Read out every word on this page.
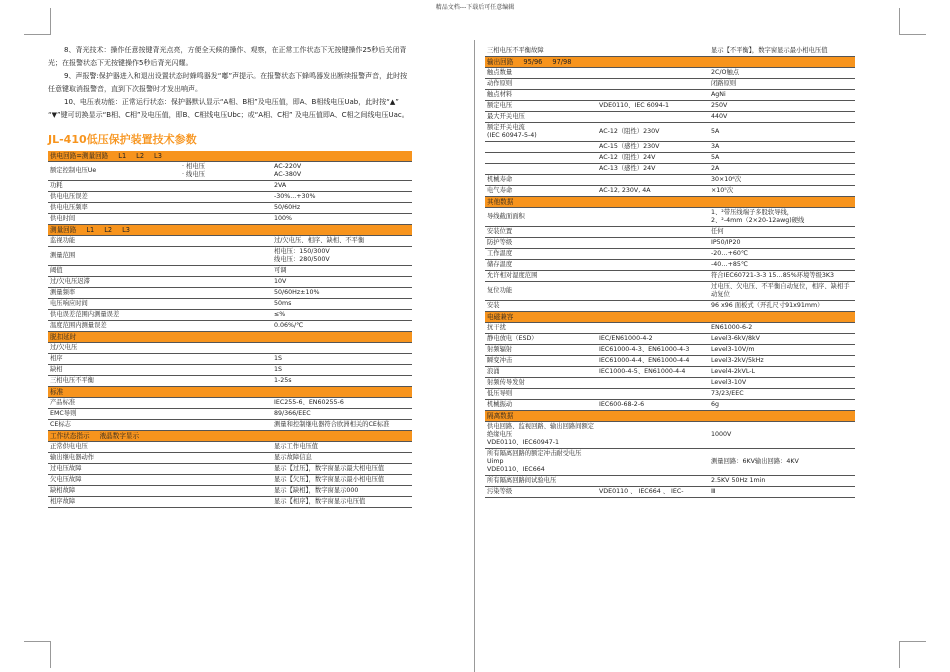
精品文档---下载后可任意编辑

8、背光技术：操作任意按键背光点亮，方便全天候的操作、观察，在正常工作状态下无按键操作25秒后关闭背光；在报警状态下无按键操作5秒后背光闪耀。

9、声报警:保护器进入和退出设置状态时蜂鸣器发“嘟”声提示。在报警状态下蜂鸣器发出断续报警声音，此时按任意键取消报警音，直到下次报警时才发出响声。

10、电压表功能：正常运行状态：保护器默认显示“A相、B相”及电压值，即A、B相线电压Uab，此时按“▲” “▼”键可切换显示“B相、C相”及电压值，即B、C相线电压Ubc；或“A相、C相” 及电压值即A、C相之间线电压Uac。

JL-410低压保护装置技术参数
供电回路=测量回路 L1 L2 L3		
额定控制电压Ue	· 相电压
· 线电压	AC-220V
AC-380V
功耗		2VA
供电电压误差		-30%...+30%
供电电压频率		50/60Hz
供电时间		100%
测量回路 L1 L2 L3		
监视功能		过/欠电压、相序、缺相、不平衡
测量范围		相电压：150/300V
线电压：280/500V
阈值		可调
过/欠电压迟滞		10V
测量频率		50/60Hz±10%
电压响应时间		50ms
供电误差范围内测量误差		≤%
温度范围内测量误差		0.06%/℃
脱扣延时		
过/欠电压		
相序		1S
缺相		1S
三相电压不平衡		1-25s
标准		
产品标准		IEC255-6、EN60255-6
EMC导则		89/366/EEC
CE标志		测量和控制继电器符合欧洲相关的CE标准
工作状态指示 液晶数字显示		
正常供电电压		显示工作电压值
输出继电器动作		显示故障信息
过电压故障		显示【过压】，数字窗显示最大相电压值
欠电压故障		显示【欠压】，数字窗显示最小相电压值
缺相故障		显示【缺相】，数字窗显示000
相序故障		显示【相序】，数字窗显示电压值
三相电压不平衡故障		显示【不平衡】，数字窗显示最小相电压值
输出回路 95/96 97/98		
触点数量		2C/O触点
动作原则		闭路原则
触点材料		AgNi
额定电压	VDE0110、IEC 6094-1	250V
最大开关电压		440V
额定开关电流
(IEC 60947-5-4)	AC-12（阻性）230V	5A
	AC-15（感性）230V	3A
	AC-12（阻性）24V	5A
	AC-13（感性）24V	2A
机械寿命		30×10⁶次
电气寿命	AC-12, 230V, 4A	×10⁵次
其他数据		
导线截面面积		1、²带压线端子多股软导线，
2、²-4mm（2×20-12awg)硬线
安装位置		任何
防护等级		IP50/IP20
工作温度		-20…+60℃
储存温度		-40…+85℃
允许相对湿度范围		符合IEC60721-3-3 15…85%环境等级3K3
复位功能		过电压、欠电压、不平衡自动复位，相序、缺相手动复位
安装		96 x96 面板式（开孔尺寸91x91mm）
电磁兼容		
抗干扰		EN61000-6-2
静电放电（ESD）	IEC/EN61000-4-2	Level3-6kV/8kV
射频辐射	IEC61000-4-3、EN61000-4-3	Level3-10V/m
瞬变冲击	IEC61000-4-4、EN61000-4-4	Level3-2kV/5kHz
浪涌	IEC1000-4-5、EN61000-4-4	Level4-2kVL-L
射频传导发射		Level3-10V
低压导则		73/23/EEC
机械振动	IEC600-68-2-6	6g
隔离数据		
供电回路、监视回路、输出回路间额定绝缘电压
VDE0110、IEC60947-1		1000V
所有隔离回路的额定冲击耐受电压Uimp
VDE0110、IEC664		测量回路：6KV输出回路：4KV
所有隔离回路间试验电压		2.5KV 50Hz 1min
污染等级	VDE0110 、 IEC664 、 IEC-	Ⅲ
